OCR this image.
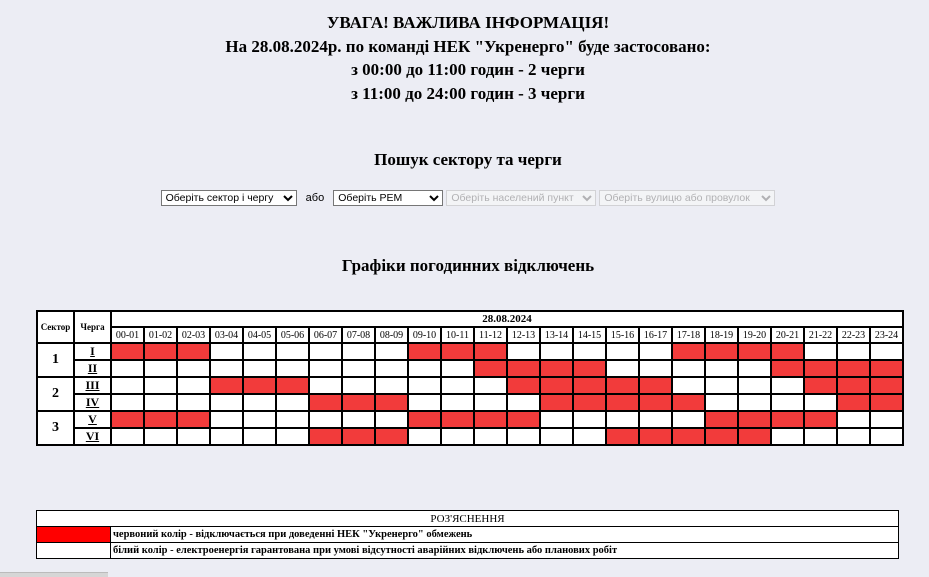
УВАГА! ВАЖЛИВА ІНФОРМАЦІЯ!
На 28.08.2024р. по команді НЕК "Укренерго" буде застосовано:
з 00:00 до 11:00 годин - 2 черги
з 11:00 до 24:00 годин - 3 черги
Пошук сектору та черги
Оберіть сектор і чергу або
Оберіть РЕМ
Оберіть населений пункт
Оберіть вулицю або провулок
Графіки погодинних відключень
Сектор	Черга	28.08.2024																							
		00-01	01-02	02-03	03-04	04-05	05-06	06-07	07-08	08-09	09-10	10-11	11-12	12-13	13-14	14-15	15-16	16-17	17-18	18-19	19-20	20-21	21-22	22-23	23-24
1	I																								
	II																								
2	III																								
	IV																								
3	V																								
	VI																								
РОЗ'ЯСНЕННЯ	
	червоний колір - відключається при доведенні НЕК "Укренерго" обмежень
	білий колір - електроенергія гарантована при умові відсутності аварійних відключень або планових робіт
